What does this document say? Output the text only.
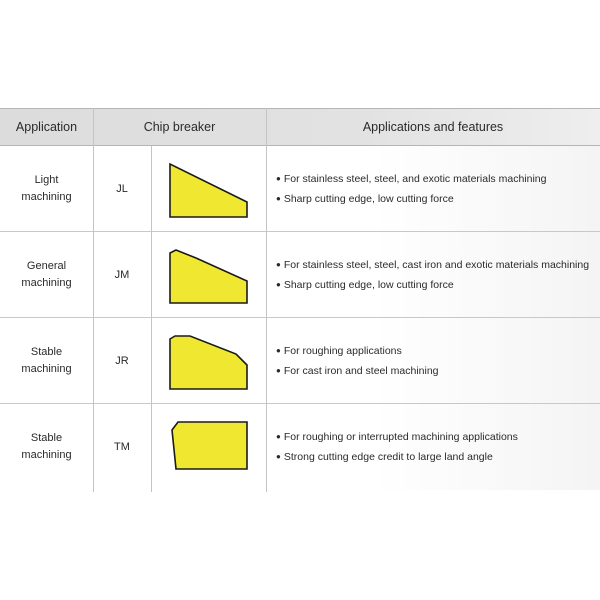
Application	Chip breaker	Applications and features
Light
machining
JL
● For stainless steel, steel, and exotic materials machining
● Sharp cutting edge, low cutting force
General
machining
JM
● For stainless steel, steel, cast iron and exotic materials machining
● Sharp cutting edge, low cutting force
Stable
machining
JR
● For roughing applications
● For cast iron and steel machining
Stable
machining
TM
● For roughing or interrupted machining applications
● Strong cutting edge credit to large land angle
